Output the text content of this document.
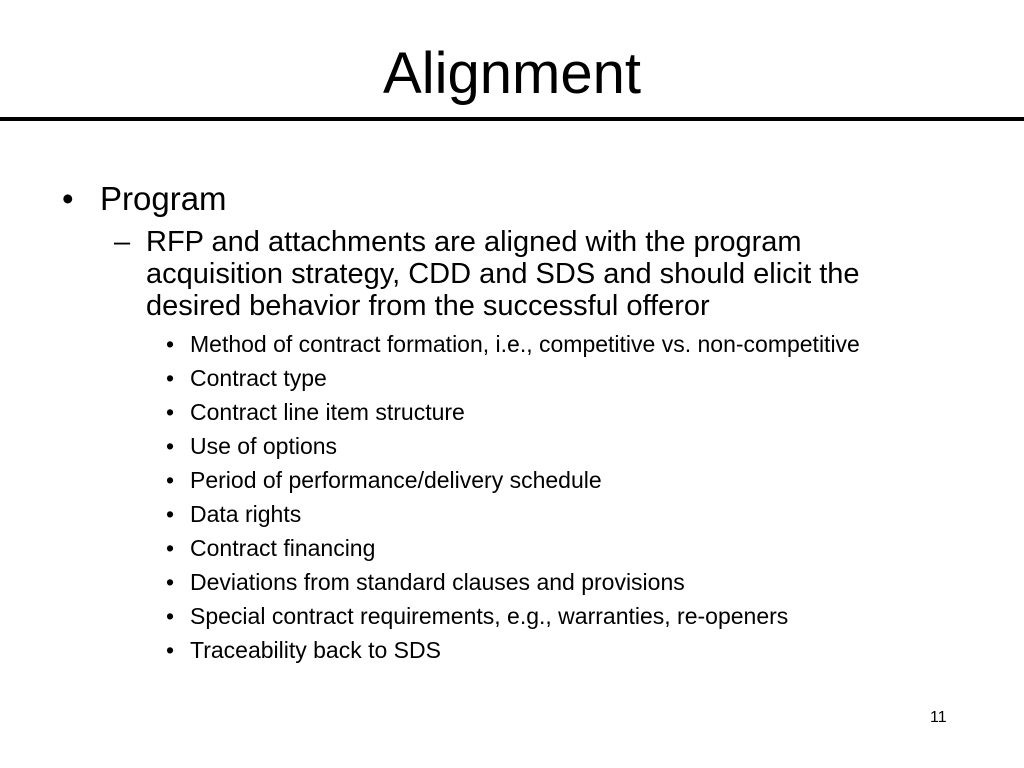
Alignment
• Program
– RFP and attachments are aligned with the program acquisition strategy, CDD and SDS and should elicit the desired behavior from the successful offeror
• Method of contract formation, i.e., competitive vs. non-competitive
• Contract type
• Contract line item structure
• Use of options
• Period of performance/delivery schedule
• Data rights
• Contract financing
• Deviations from standard clauses and provisions
• Special contract requirements, e.g., warranties, re-openers
• Traceability back to SDS
11
